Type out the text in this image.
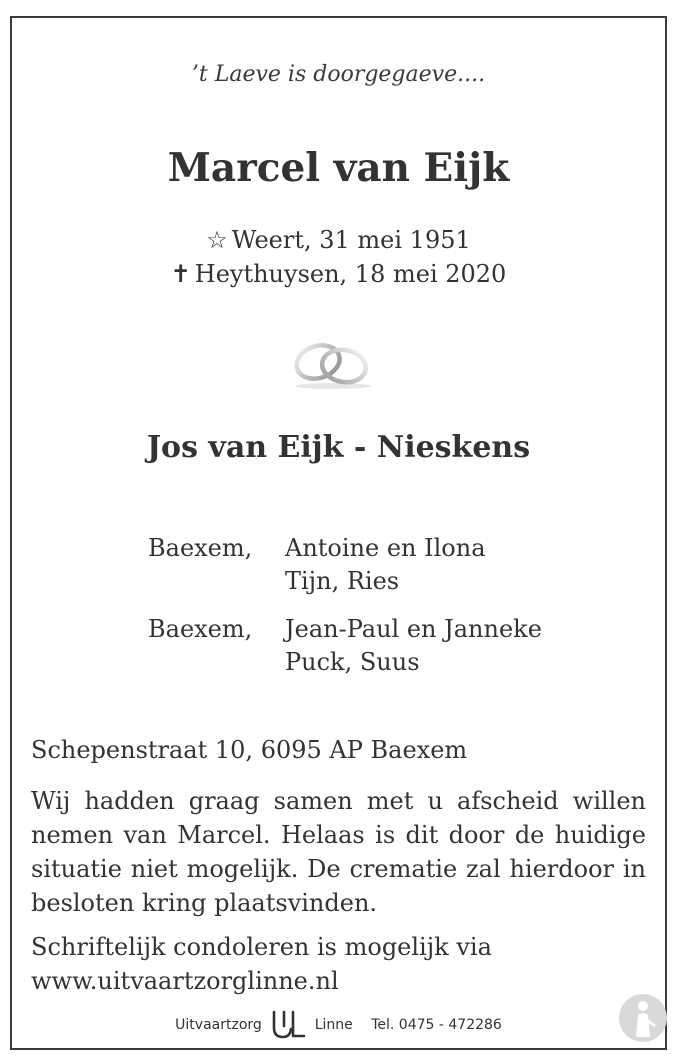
’t Laeve is doorgegaeve....
Marcel van Eijk
☆ Weert, 31 mei 1951
✝ Heythuysen, 18 mei 2020
Jos van Eijk - Nieskens
Baexem, Antoine en Ilona
Tijn, Ries
Baexem, Jean-Paul en Janneke
Puck, Suus
Schepenstraat 10, 6095 AP Baexem
Wij hadden graag samen met u afscheid willen nemen van Marcel. Helaas is dit door de huidige situatie niet mogelijk. De crematie zal hierdoor in besloten kring plaatsvinden.
Schriftelijk condoleren is mogelijk via
www.uitvaartzorglinne.nl
Uitvaartzorg	Linne Tel. 0475 - 472286
